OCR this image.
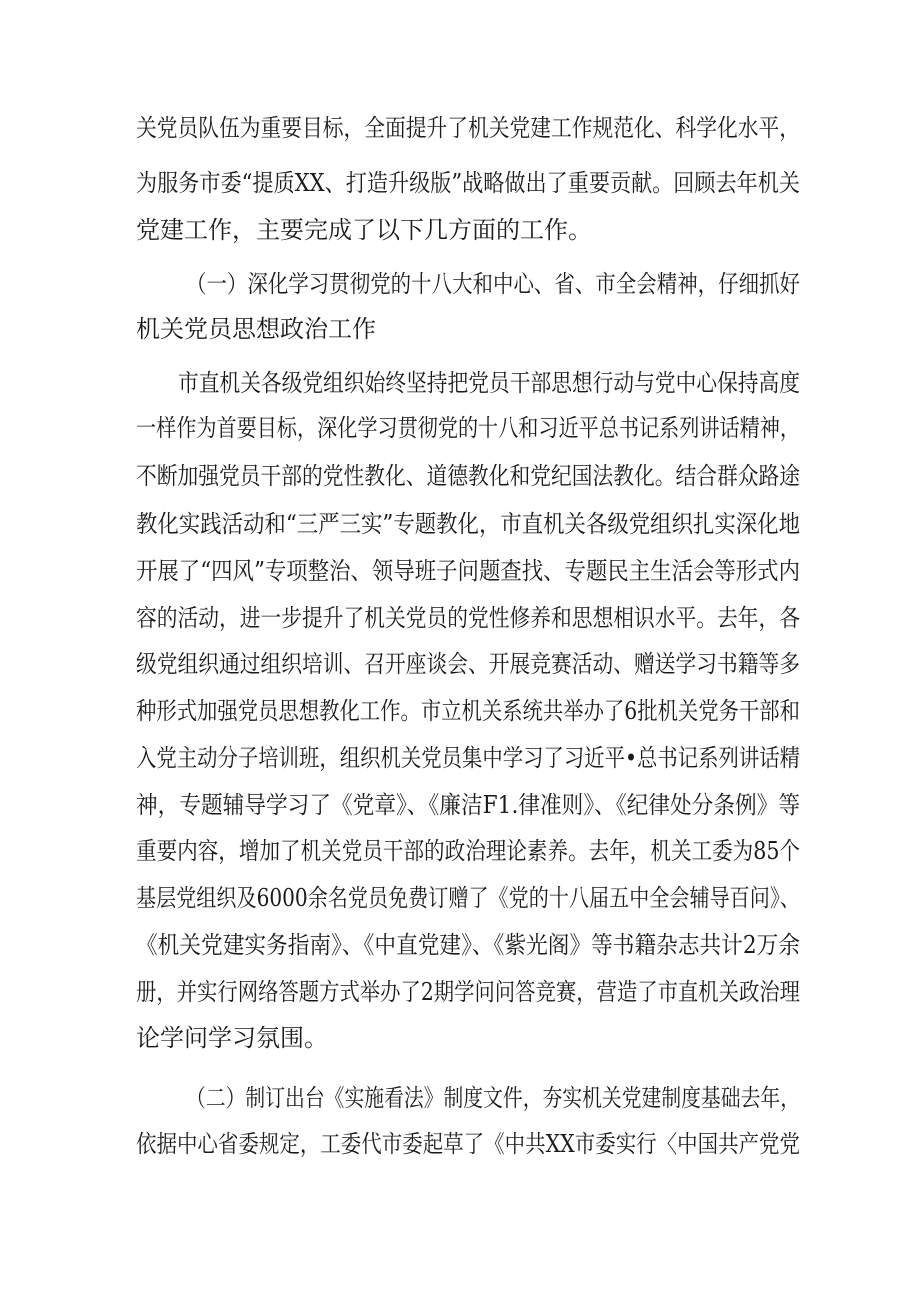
关党员队伍为重要目标，全面提升了机关党建工作规范化、科学化水平，

为服务市委“提质XX、打造升级版”战略做出了重要贡献。回顾去年机关

党建工作，主要完成了以下几方面的工作。

（一）深化学习贯彻党的十八大和中心、省、市全会精神，仔细抓好

机关党员思想政治工作

市直机关各级党组织始终坚持把党员干部思想行动与党中心保持高度

一样作为首要目标，深化学习贯彻党的十八和习近平总书记系列讲话精神，

不断加强党员干部的党性教化、道德教化和党纪国法教化。结合群众路途

教化实践活动和“三严三实”专题教化，市直机关各级党组织扎实深化地

开展了“四风”专项整治、领导班子问题查找、专题民主生活会等形式内

容的活动，进一步提升了机关党员的党性修养和思想相识水平。去年，各

级党组织通过组织培训、召开座谈会、开展竞赛活动、赠送学习书籍等多

种形式加强党员思想教化工作。市立机关系统共举办了6批机关党务干部和

入党主动分子培训班，组织机关党员集中学习了习近平•总书记系列讲话精

神，专题辅导学习了《党章》、《廉洁F1.律准则》、《纪律处分条例》等

重要内容，增加了机关党员干部的政治理论素养。去年，机关工委为85个

基层党组织及6000余名党员免费订赠了《党的十八届五中全会辅导百问》、

《机关党建实务指南》、《中直党建》、《紫光阁》等书籍杂志共计2万余

册，并实行网络答题方式举办了2期学问问答竞赛，营造了市直机关政治理

论学问学习氛围。

（二）制订出台《实施看法》制度文件，夯实机关党建制度基础去年，

依据中心省委规定，工委代市委起草了《中共XX市委实行〈中国共产党党
